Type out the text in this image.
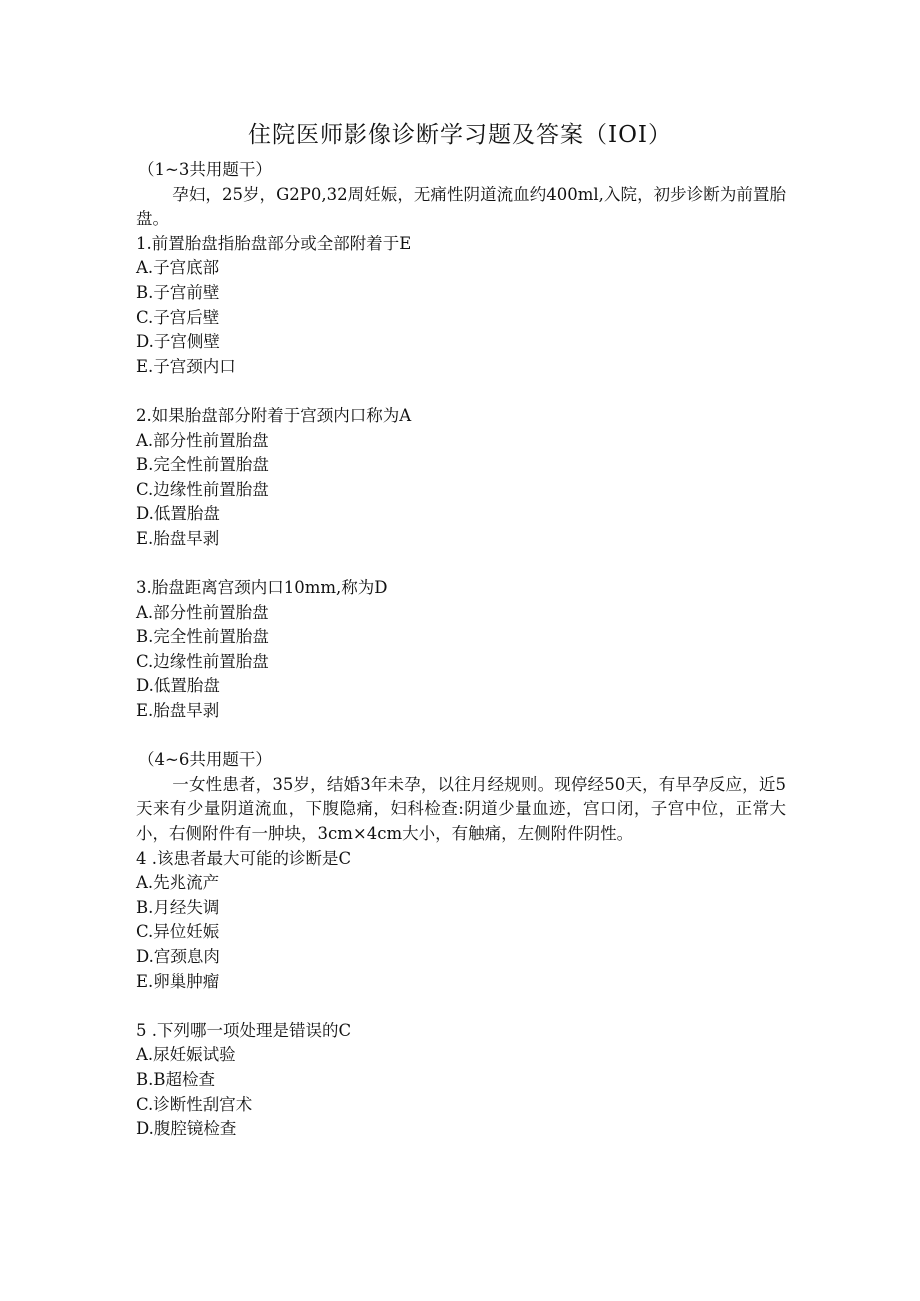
住院医师影像诊断学习题及答案（IOI）
（1~3共用题干）
孕妇，25岁，G2P0,32周妊娠，无痛性阴道流血约400ml,入院，初步诊断为前置胎盘。
1.前置胎盘指胎盘部分或全部附着于E
A.子宫底部
B.子宫前壁
C.子宫后壁
D.子宫侧壁
E.子宫颈内口
2.如果胎盘部分附着于宫颈内口称为A
A.部分性前置胎盘
B.完全性前置胎盘
C.边缘性前置胎盘
D.低置胎盘
E.胎盘早剥
3.胎盘距离宫颈内口10mm,称为D
A.部分性前置胎盘
B.完全性前置胎盘
C.边缘性前置胎盘
D.低置胎盘
E.胎盘早剥
（4~6共用题干）
一女性患者，35岁，结婚3年未孕，以往月经规则。现停经50天，有早孕反应，近5天来有少量阴道流血，下腹隐痛，妇科检查:阴道少量血迹，宫口闭，子宫中位，正常大小，右侧附件有一肿块，3cm×4cm大小，有触痛，左侧附件阴性。
4 .该患者最大可能的诊断是C
A.先兆流产
B.月经失调
C.异位妊娠
D.宫颈息肉
E.卵巢肿瘤
5 .下列哪一项处理是错误的C
A.尿妊娠试验
B.B超检查
C.诊断性刮宫术
D.腹腔镜检查
